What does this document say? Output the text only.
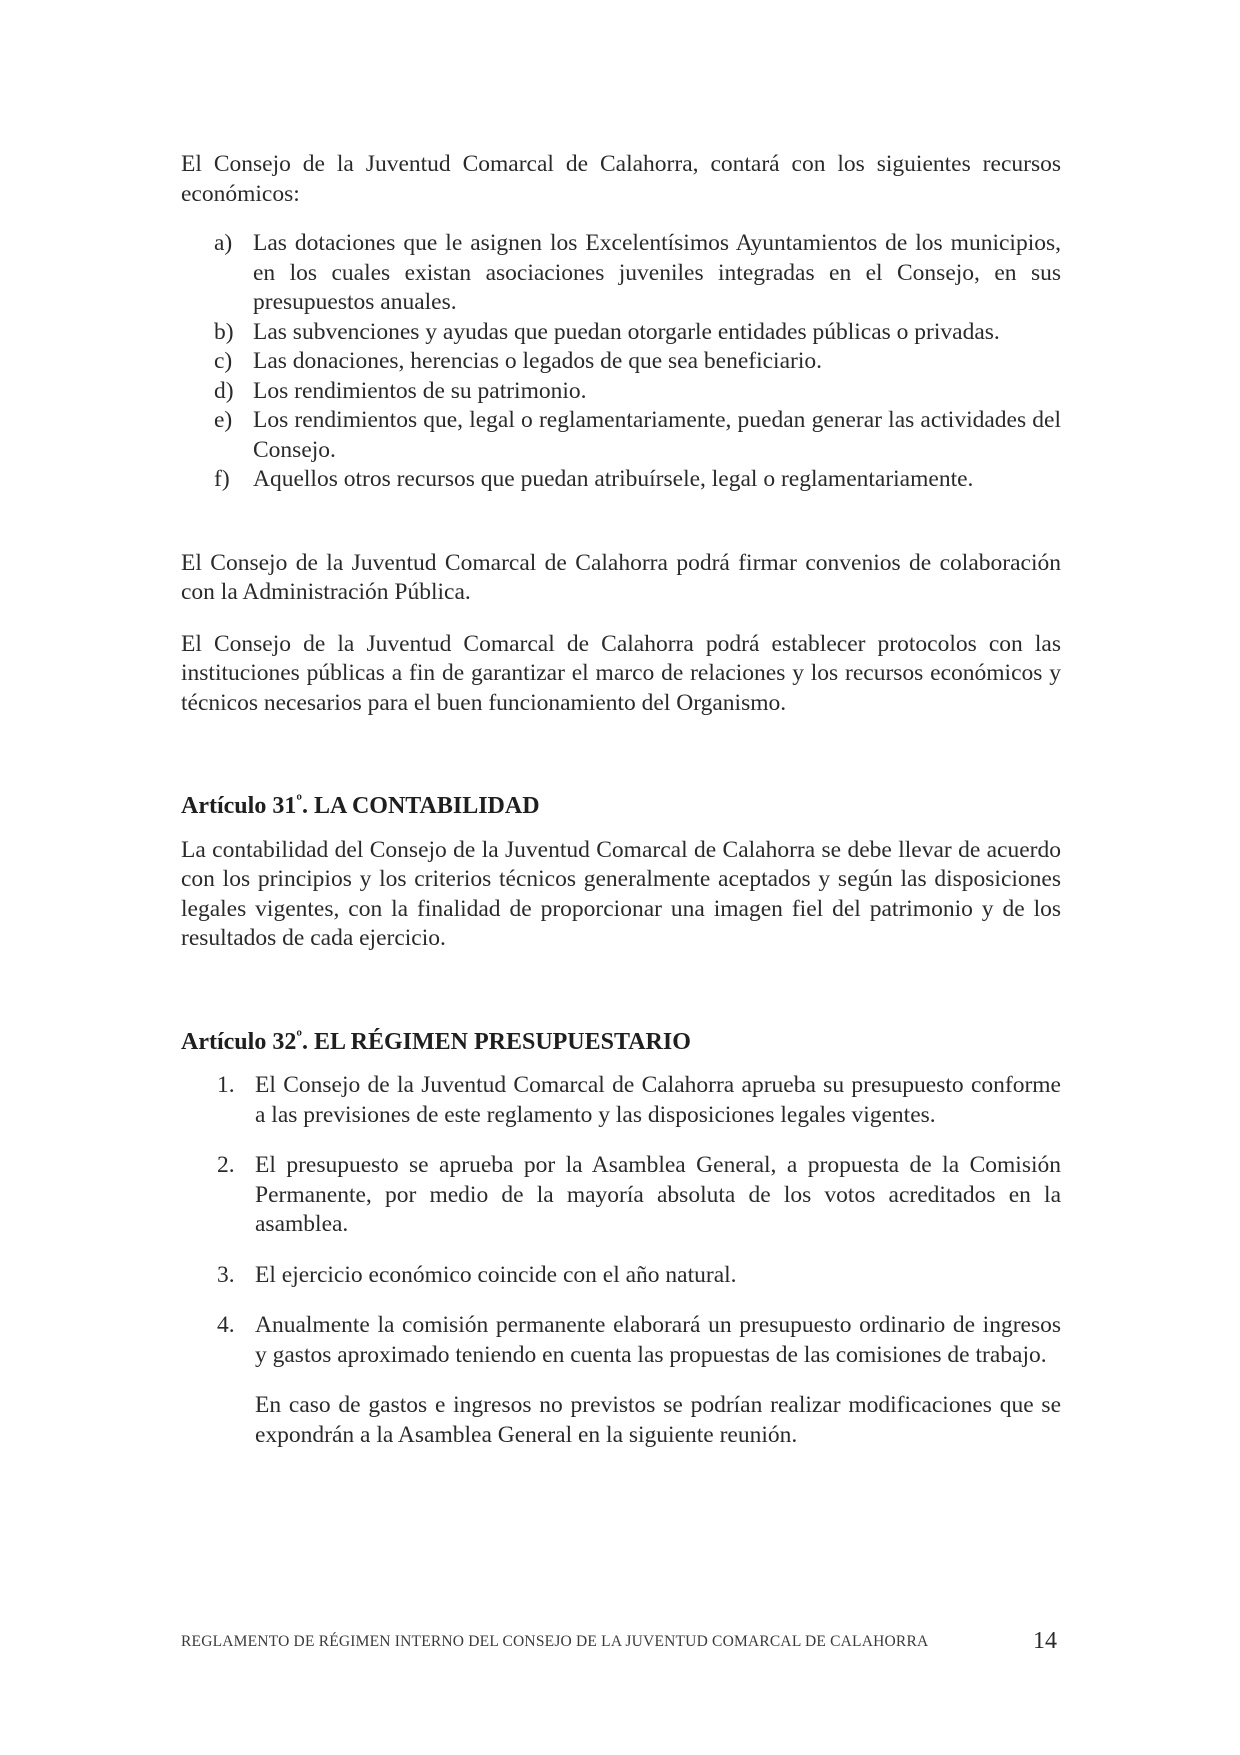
El Consejo de la Juventud Comarcal de Calahorra, contará con los siguientes recursos económicos:

a) Las dotaciones que le asignen los Excelentísimos Ayuntamientos de los municipios, en los cuales existan asociaciones juveniles integradas en el Consejo, en sus presupuestos anuales.
b) Las subvenciones y ayudas que puedan otorgarle entidades públicas o privadas.
c) Las donaciones, herencias o legados de que sea beneficiario.
d) Los rendimientos de su patrimonio.
e) Los rendimientos que, legal o reglamentariamente, puedan generar las actividades del Consejo.
f) Aquellos otros recursos que puedan atribuírsele, legal o reglamentariamente.

El Consejo de la Juventud Comarcal de Calahorra podrá firmar convenios de colaboración con la Administración Pública.

El Consejo de la Juventud Comarcal de Calahorra podrá establecer protocolos con las instituciones públicas a fin de garantizar el marco de relaciones y los recursos económicos y técnicos necesarios para el buen funcionamiento del Organismo.

Artículo $31^º$. LA CONTABILIDAD

La contabilidad del Consejo de la Juventud Comarcal de Calahorra se debe llevar de acuerdo con los principios y los criterios técnicos generalmente aceptados y según las disposiciones legales vigentes, con la finalidad de proporcionar una imagen fiel del patrimonio y de los resultados de cada ejercicio.

Artículo $32^º$. EL RÉGIMEN PRESUPUESTARIO
1. El Consejo de la Juventud Comarcal de Calahorra aprueba su presupuesto conforme a las previsiones de este reglamento y las disposiciones legales vigentes.
2. El presupuesto se aprueba por la Asamblea General, a propuesta de la Comisión Permanente, por medio de la mayoría absoluta de los votos acreditados en la asamblea.
3. El ejercicio económico coincide con el año natural.
4. Anualmente la comisión permanente elaborará un presupuesto ordinario de ingresos y gastos aproximado teniendo en cuenta las propuestas de las comisiones de trabajo.

En caso de gastos e ingresos no previstos se podrían realizar modificaciones que se expondrán a la Asamblea General en la siguiente reunión.

REGLAMENTO DE RÉGIMEN INTERNO DEL CONSEJO DE LA JUVENTUD COMARCAL DE CALAHORRA	14
